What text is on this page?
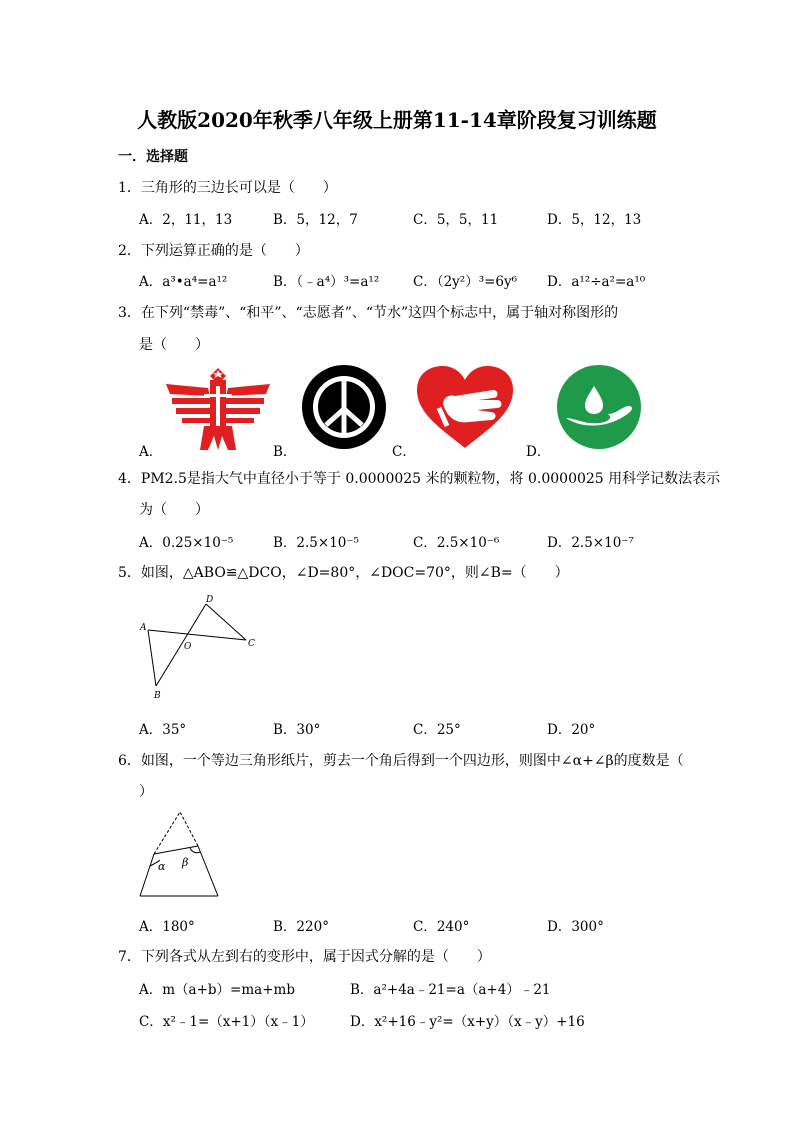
人教版2020年秋季八年级上册第11-14章阶段复习训练题
一．选择题
1．三角形的三边长可以是（　　）
A．2，11，13	B．5，12，7	C．5，5，11	D．5，12，13
2．下列运算正确的是（　　）
A．a³•a⁴=a¹²	B．（﹣a⁴）³=a¹²	C．（2y²）³=6y⁶ D．a¹²÷a²=a¹⁰
3．在下列“禁毒”、“和平”、“志愿者”、“节水”这四个标志中，属于轴对称图形的
是（　　）
A．	B．	C．	D．
4．PM2.5是指大气中直径小于等于 0.0000025 米的颗粒物，将 0.0000025 用科学记数法表示
为（　　）
A．0.25×10⁻⁵	B．2.5×10⁻⁵	C．2.5×10⁻⁶	D．2.5×10⁻⁷
5．如图，△ABO≌△DCO，∠D=80°，∠DOC=70°，则∠B=（　　）
A
B
C
D
O
A．35°	B．30°	C．25°	D．20°
6．如图，一个等边三角形纸片，剪去一个角后得到一个四边形，则图中∠α+∠β的度数是（
）
α β
A．180°	B．220°	C．240°	D．300°
7．下列各式从左到右的变形中，属于因式分解的是（　　）
A．m（a+b）=ma+mb	B．a²+4a﹣21=a（a+4）﹣21
C．x²﹣1=（x+1）（x﹣1）	D．x²+16﹣y²=（x+y）（x﹣y）+16
